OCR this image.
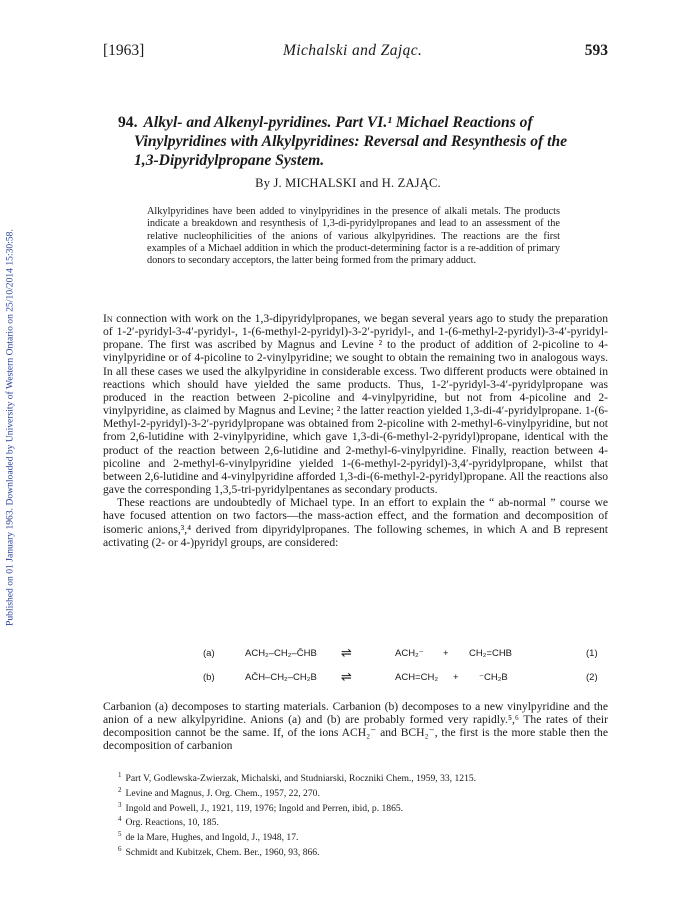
Published on 01 January 1963. Downloaded by University of Western Ontario on 25/10/2014 15:30:58.
[1963]	Michalski and Zając.	593
94. Alkyl- and Alkenyl-pyridines. Part VI.¹ Michael Reactions of
Vinylpyridines with Alkylpyridines: Reversal and Resynthesis of the
1,3-Dipyridylpropane System.
By J. MICHALSKI and H. ZAJĄC.
Alkylpyridines have been added to vinylpyridines in the presence of alkali metals. The products indicate a breakdown and resynthesis of 1,3-di-pyridylpropanes and lead to an assessment of the relative nucleophilicities of the anions of various alkylpyridines. The reactions are the first examples of a Michael addition in which the product-determining factor is a re-addition of primary donors to secondary acceptors, the latter being formed from the primary adduct.

In connection with work on the 1,3-dipyridylpropanes, we began several years ago to study the preparation of 1-2′-pyridyl-3-4′-pyridyl-, 1-(6-methyl-2-pyridyl)-3-2′-pyridyl-, and 1-(6-methyl-2-pyridyl)-3-4′-pyridyl-propane. The first was ascribed by Magnus and Levine ² to the product of addition of 2-picoline to 4-vinylpyridine or of 4-picoline to 2-vinylpyridine; we sought to obtain the remaining two in analogous ways. In all these cases we used the alkylpyridine in considerable excess. Two different products were obtained in reactions which should have yielded the same products. Thus, 1-2′-pyridyl-3-4′-pyridylpropane was produced in the reaction between 2-picoline and 4-vinylpyridine, but not from 4-picoline and 2-vinylpyridine, as claimed by Magnus and Levine; ² the latter reaction yielded 1,3-di-4′-pyridylpropane. 1-(6-Methyl-2-pyridyl)-3-2′-pyridylpropane was obtained from 2-picoline with 2-methyl-6-vinylpyridine, but not from 2,6-lutidine with 2-vinylpyridine, which gave 1,3-di-(6-methyl-2-pyridyl)propane, identical with the product of the reaction between 2,6-lutidine and 2-methyl-6-vinylpyridine. Finally, reaction between 4-picoline and 2-methyl-6-vinylpyridine yielded 1-(6-methyl-2-pyridyl)-3,4′-pyridylpropane, whilst that between 2,6-lutidine and 4-vinylpyridine afforded 1,3-di-(6-methyl-2-pyridyl)propane. All the reactions also gave the corresponding 1,3,5-tri-pyridylpentanes as secondary products.

These reactions are undoubtedly of Michael type. In an effort to explain the “ ab-normal ” course we have focused attention on two factors—the mass-action effect, and the formation and decomposition of isomeric anions,³,⁴ derived from dipyridylpropanes. The following schemes, in which A and B represent activating (2- or 4-)pyridyl groups, are considered:

(a)	ACH₂–CH₂–C̄HB ⇌	ACH₂⁻ + CH₂=CHB	(1)
(b)	AC̄H–CH₂–CH₂B ⇌	ACH=CH₂ + ⁻CH₂B	(2)

Carbanion (a) decomposes to starting materials. Carbanion (b) decomposes to a new vinylpyridine and the anion of a new alkylpyridine. Anions (a) and (b) are probably formed very rapidly.⁵,⁶ The rates of their decomposition cannot be the same. If, of the ions ACH₂⁻ and BCH₂⁻, the first is the more stable then the decomposition of carbanion

$^1$ Part V, Godlewska-Zwierzak, Michalski, and Studniarski, Roczniki Chem., 1959, 33, 1215.
$^2$ Levine and Magnus, J. Org. Chem., 1957, 22, 270.
$^3$ Ingold and Powell, J., 1921, 119, 1976; Ingold and Perren, ibid, p. 1865.
$^4$ Org. Reactions, 10, 185.
$^5$ de la Mare, Hughes, and Ingold, J., 1948, 17.
$^6$ Schmidt and Kubitzek, Chem. Ber., 1960, 93, 866.
